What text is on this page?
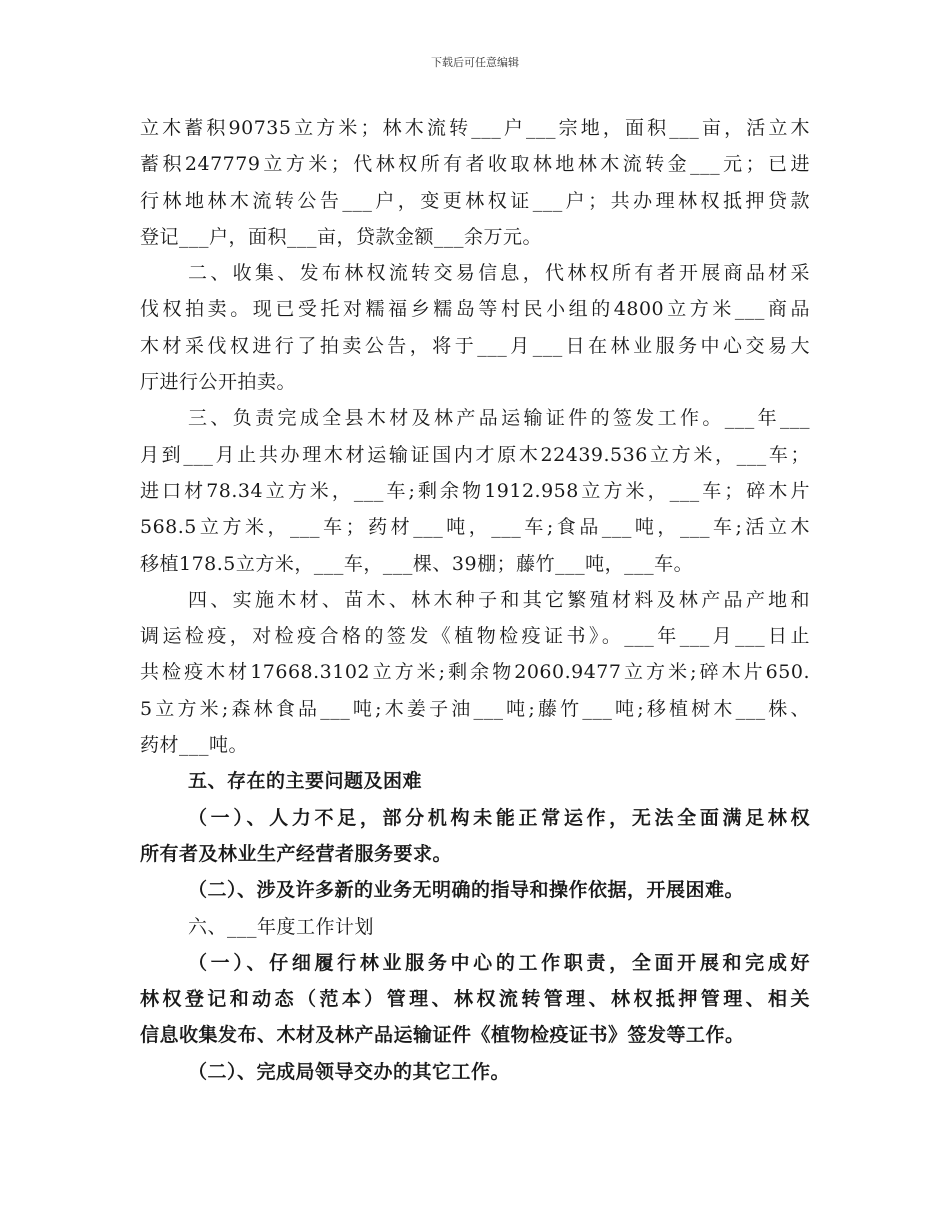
下载后可任意编辑
立木蓄积90735立方米；林木流转___户___宗地，面积___亩，活立木
蓄积247779立方米；代林权所有者收取林地林木流转金___元；已进
行林地林木流转公告___户，变更林权证___户；共办理林权抵押贷款
登记___户，面积___亩，贷款金额___余万元。
二、收集、发布林权流转交易信息，代林权所有者开展商品材采
伐权拍卖。现已受托对糯福乡糯岛等村民小组的4800立方米___商品
木材采伐权进行了拍卖公告，将于___月___日在林业服务中心交易大
厅进行公开拍卖。
三、负责完成全县木材及林产品运输证件的签发工作。___年___
月到___月止共办理木材运输证国内才原木22439.536立方米，___车；
进口材78.34立方米，___车;剩余物1912.958立方米，___车；碎木片
568.5立方米，___车；药材___吨，___车;食品___吨，___车;活立木
移植178.5立方米，___车，___棵、39棚；藤竹___吨，___车。
四、实施木材、苗木、林木种子和其它繁殖材料及林产品产地和
调运检疫，对检疫合格的签发《植物检疫证书》。___年___月___日止
共检疫木材17668.3102立方米;剩余物2060.9477立方米;碎木片650.
5立方米;森林食品___吨;木姜子油___吨;藤竹___吨;移植树木___株、
药材___吨。
五、存在的主要问题及困难
（一）、人力不足，部分机构未能正常运作，无法全面满足林权
所有者及林业生产经营者服务要求。
（二）、涉及许多新的业务无明确的指导和操作依据，开展困难。
六、___年度工作计划
（一）、仔细履行林业服务中心的工作职责，全面开展和完成好
林权登记和动态（范本）管理、林权流转管理、林权抵押管理、相关
信息收集发布、木材及林产品运输证件《植物检疫证书》签发等工作。
（二）、完成局领导交办的其它工作。
